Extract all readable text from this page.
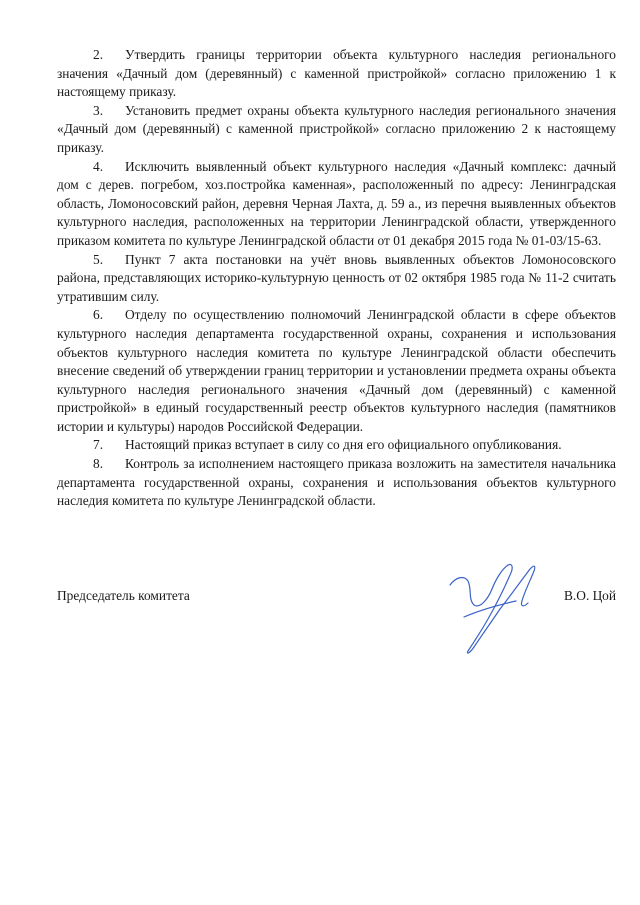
2. Утвердить границы территории объекта культурного наследия регионального значения «Дачный дом (деревянный) с каменной пристройкой» согласно приложению 1 к настоящему приказу.

3. Установить предмет охраны объекта культурного наследия регионального значения «Дачный дом (деревянный) с каменной пристройкой» согласно приложению 2 к настоящему приказу.

4. Исключить выявленный объект культурного наследия «Дачный комплекс: дачный дом с дерев. погребом, хоз.постройка каменная», расположенный по адресу: Ленинградская область, Ломоносовский район, деревня Черная Лахта, д. 59 а., из перечня выявленных объектов культурного наследия, расположенных на территории Ленинградской области, утвержденного приказом комитета по культуре Ленинградской области от 01 декабря 2015 года № 01-03/15-63.

5. Пункт 7 акта постановки на учёт вновь выявленных объектов Ломоносовского района, представляющих историко-культурную ценность от 02 октября 1985 года № 11-2 считать утратившим силу.

6. Отделу по осуществлению полномочий Ленинградской области в сфере объектов культурного наследия департамента государственной охраны, сохранения и использования объектов культурного наследия комитета по культуре Ленинградской области обеспечить внесение сведений об утверждении границ территории и установлении предмета охраны объекта культурного наследия регионального значения «Дачный дом (деревянный) с каменной пристройкой» в единый государственный реестр объектов культурного наследия (памятников истории и культуры) народов Российской Федерации.

7. Настоящий приказ вступает в силу со дня его официального опубликования.

8. Контроль за исполнением настоящего приказа возложить на заместителя начальника департамента государственной охраны, сохранения и использования объектов культурного наследия комитета по культуре Ленинградской области.

Председатель комитета	В.О. Цой
